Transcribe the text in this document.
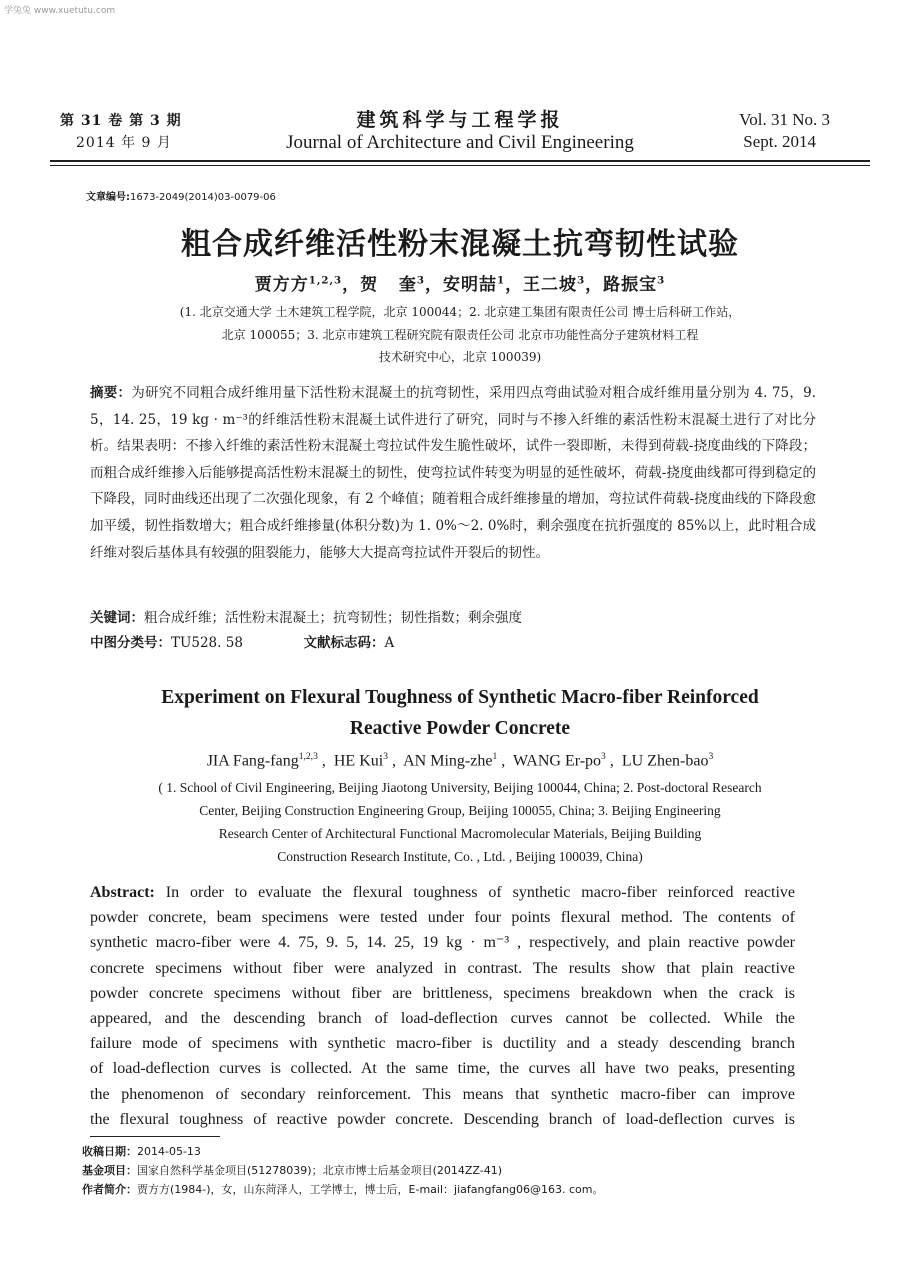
学兔兔 www.xuetutu.com
第 31 卷 第 3 期
2014 年 9 月
建筑科学与工程学报
Journal of Architecture and Civil Engineering
Vol. 31 No. 3
Sept. 2014
文章编号:1673-2049(2014)03-0079-06
粗合成纤维活性粉末混凝土抗弯韧性试验
贾方方$^{1,2,3}$，贺   奎$^3$，安明喆$^1$，王二坡$^3$，路振宝$^3$
(1. 北京交通大学 土木建筑工程学院，北京 100044；2. 北京建工集团有限责任公司 博士后科研工作站，
北京 100055；3. 北京市建筑工程研究院有限责任公司 北京市功能性高分子建筑材料工程
技术研究中心，北京 100039)
摘要：为研究不同粗合成纤维用量下活性粉末混凝土的抗弯韧性，采用四点弯曲试验对粗合成纤维用量分别为 4. 75，9. 5，14. 25，19 kg · m⁻³的纤维活性粉末混凝土试件进行了研究，同时与不掺入纤维的素活性粉末混凝土进行了对比分析。结果表明：不掺入纤维的素活性粉末混凝土弯拉试件发生脆性破坏，试件一裂即断，未得到荷载-挠度曲线的下降段；而粗合成纤维掺入后能够提高活性粉末混凝土的韧性，使弯拉试件转变为明显的延性破坏，荷载-挠度曲线都可得到稳定的下降段，同时曲线还出现了二次强化现象，有 2 个峰值；随着粗合成纤维掺量的增加，弯拉试件荷载-挠度曲线的下降段愈加平缓，韧性指数增大；粗合成纤维掺量(体积分数)为 1. 0%～2. 0%时，剩余强度在抗折强度的 85%以上，此时粗合成纤维对裂后基体具有较强的阻裂能力，能够大大提高弯拉试件开裂后的韧性。
关键词：粗合成纤维；活性粉末混凝土；抗弯韧性；韧性指数；剩余强度
中图分类号：TU528. 58	文献标志码：A
Experiment on Flexural Toughness of Synthetic Macro-fiber Reinforced
Reactive Powder Concrete
JIA Fang-fang$^{1,2,3}$ ,  HE Kui$^3$ ,  AN Ming-zhe$^1$ ,  WANG $Er-po^3$ ,  LU Zhen-bao$^3$
( 1. School of Civil Engineering, Beijing Jiaotong University, Beijing 100044, China; 2. Post-doctoral Research
Center, Beijing Construction Engineering Group, Beijing 100055, China; 3. Beijing Engineering
Research Center of Architectural Functional Macromolecular Materials, Beijing Building
Construction Research Institute, Co. , Ltd. , Beijing 100039, China)
Abstract: In order to evaluate the flexural toughness of synthetic macro-fiber reinforced reactive
powder concrete, beam specimens were tested under four points flexural method. The contents of
synthetic macro-fiber were 4. 75, 9. 5, 14. 25, 19 kg · m⁻³ , respectively, and plain reactive powder
concrete specimens without fiber were analyzed in contrast. The results show that plain reactive
powder concrete specimens without fiber are brittleness, specimens breakdown when the crack is
appeared, and the descending branch of load-deflection curves cannot be collected. While the
failure mode of specimens with synthetic macro-fiber is ductility and a steady descending branch
of load-deflection curves is collected. At the same time, the curves all have two peaks, presenting
the phenomenon of secondary reinforcement. This means that synthetic macro-fiber can improve
the flexural toughness of reactive powder concrete. Descending branch of load-deflection curves is
收稿日期：2014-05-13
基金项目：国家自然科学基金项目(51278039)；北京市博士后基金项目(2014ZZ-41)
作者简介：贾方方(1984-)，女，山东菏泽人，工学博士，博士后，E-mail：jiafangfang06@163. com。
